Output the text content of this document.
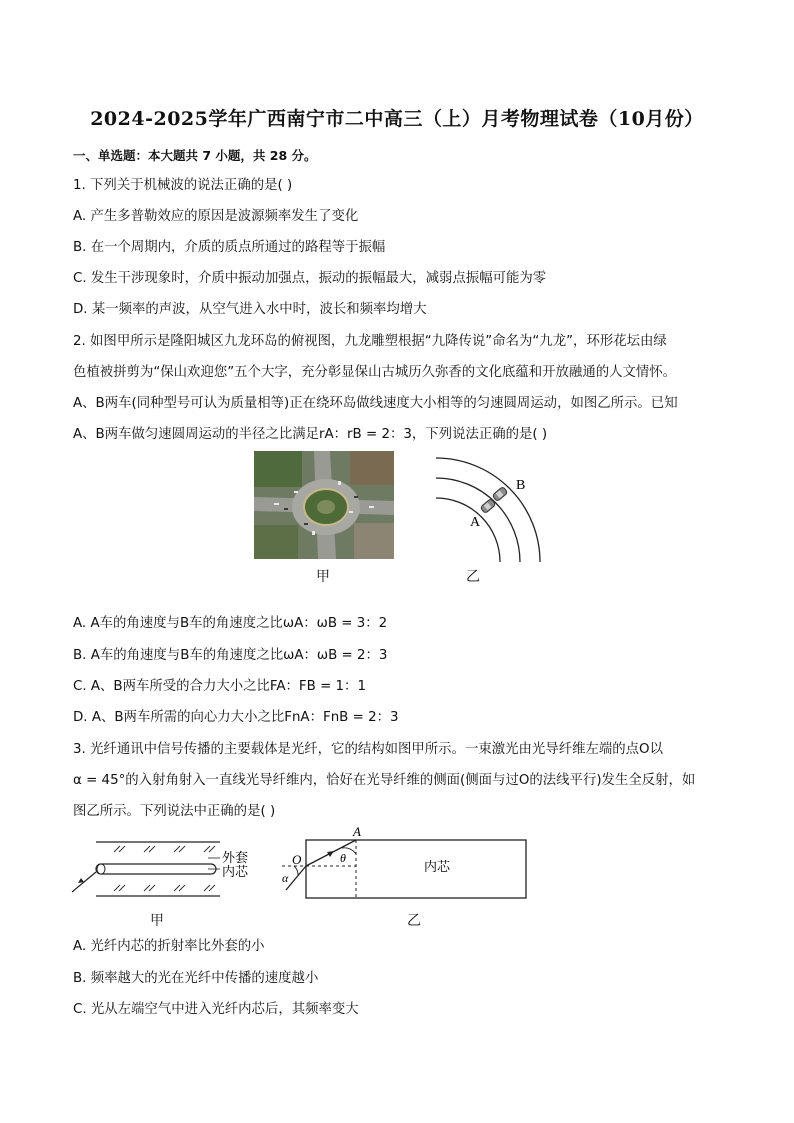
2024-2025学年广西南宁市二中高三（上）月考物理试卷（10月份）
一、单选题：本大题共 7 小题，共 28 分。
1. 下列关于机械波的说法正确的是( )
A. 产生多普勒效应的原因是波源频率发生了变化
B. 在一个周期内，介质的质点所通过的路程等于振幅
C. 发生干涉现象时，介质中振动加强点，振动的振幅最大，减弱点振幅可能为零
D. 某一频率的声波，从空气进入水中时，波长和频率均增大
2. 如图甲所示是隆阳城区九龙环岛的俯视图，九龙雕塑根据“九降传说”命名为“九龙”，环形花坛由绿
色植被拼剪为“保山欢迎您”五个大字，充分彰显保山古城历久弥香的文化底蕴和开放融通的人文情怀。
A、B两车(同种型号可认为质量相等)正在绕环岛做线速度大小相等的匀速圆周运动，如图乙所示。已知
A、B两车做匀速圆周运动的半径之比满足rA：rB = 2：3，下列说法正确的是( )
A
B
甲	乙
A. A车的角速度与B车的角速度之比ωA：ωB = 3：2
B. A车的角速度与B车的角速度之比ωA：ωB = 2：3
C. A、B两车所受的合力大小之比FA：FB = 1：1
D. A、B两车所需的向心力大小之比FnA：FnB = 2：3
3. 光纤通讯中信号传播的主要载体是光纤，它的结构如图甲所示。一束激光由光导纤维左端的点O以
α = 45°的入射角射入一直线光导纤维内，恰好在光导纤维的侧面(侧面与过O的法线平行)发生全反射，如
图乙所示。下列说法中正确的是( )
外套
内芯
A
O	θ
α
内芯
甲	乙
A. 光纤内芯的折射率比外套的小
B. 频率越大的光在光纤中传播的速度越小
C. 光从左端空气中进入光纤内芯后，其频率变大
